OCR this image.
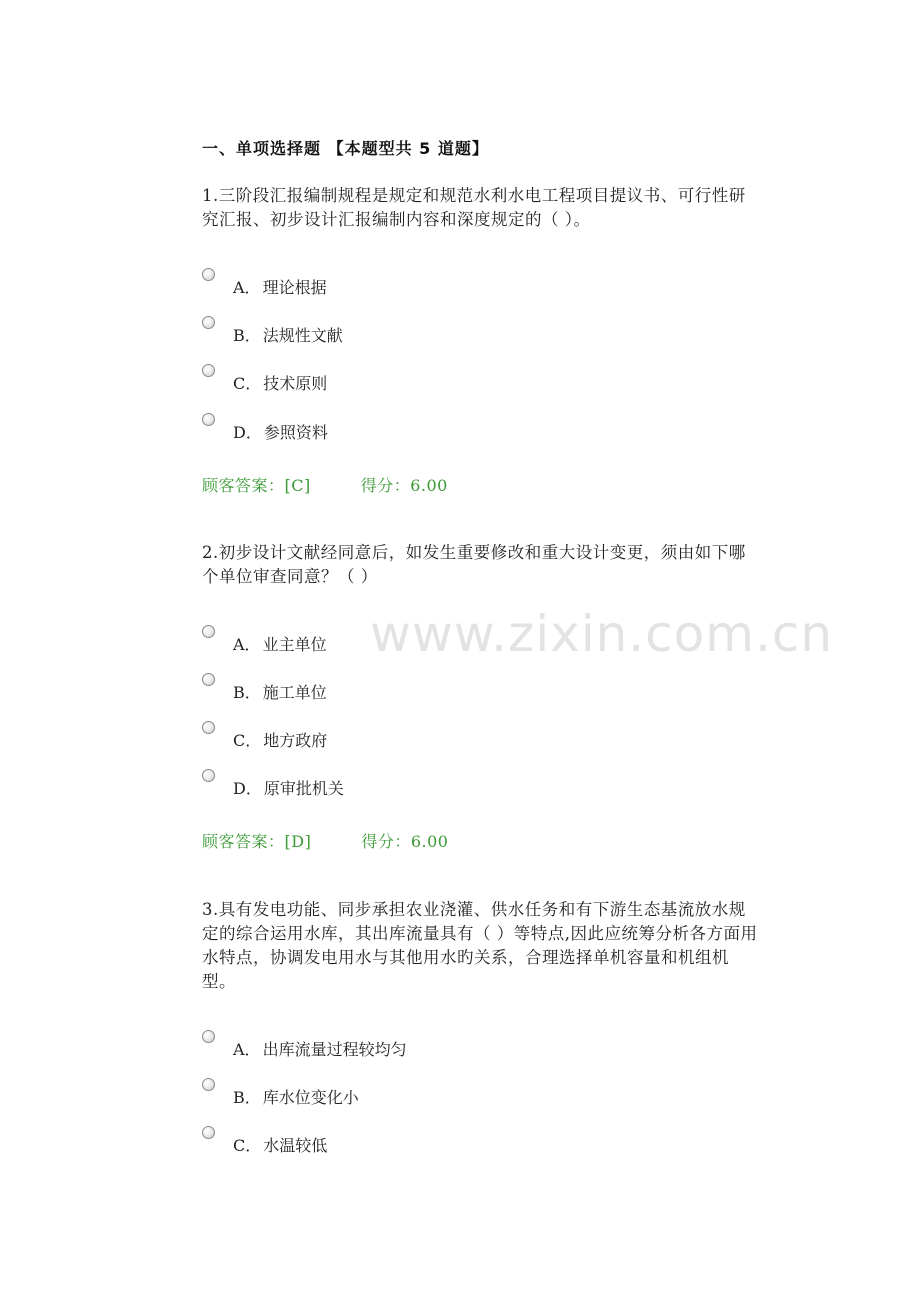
www.zixin.com.cn
一、单项选择题 【本题型共 5 道题】
1.三阶段汇报编制规程是规定和规范水利水电工程项目提议书、可行性研究汇报、初步设计汇报编制内容和深度规定的（ ）。
A． 理论根据
B． 法规性文献
C． 技术原则
D． 参照资料
顾客答案：[C]	得分：6.00
2.初步设计文献经同意后，如发生重要修改和重大设计变更，须由如下哪个单位审查同意？（ ）
A． 业主单位
B． 施工单位
C． 地方政府
D． 原审批机关
顾客答案：[D]	得分：6.00
3.具有发电功能、同步承担农业浇灌、供水任务和有下游生态基流放水规定的综合运用水库，其出库流量具有（ ）等特点,因此应统筹分析各方面用水特点，协调发电用水与其他用水旳关系，合理选择单机容量和机组机型。
A． 出库流量过程较均匀
B． 库水位变化小
C． 水温较低
